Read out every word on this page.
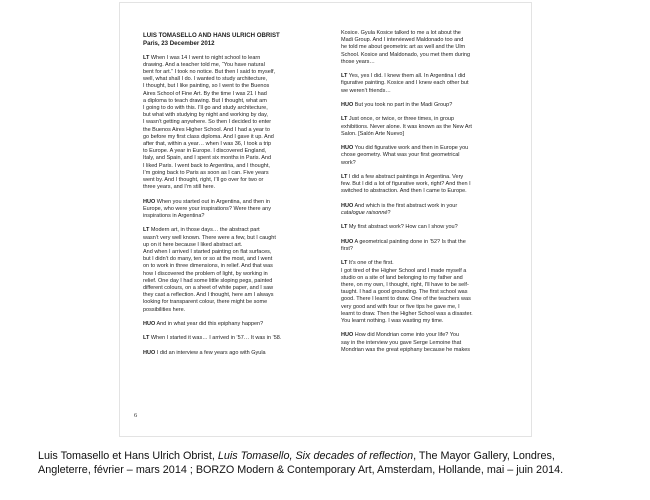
LUIS TOMASELLO AND HANS ULRICH OBRIST
Paris, 23 December 2012

LT When I was 14 I went to night school to learn
drawing. And a teacher told me, “You have natural
bent for art.” I took no notice. But then I said to myself,
well, what shall I do. I wanted to study architecture,
I thought, but I like painting, so I went to the Buenos
Aires School of Fine Art. By the time I was 21 I had
a diploma to teach drawing. But I thought, what am
I going to do with this. I’ll go and study architecture,
but what with studying by night and working by day,
I wasn’t getting anywhere. So then I decided to enter
the Buenos Aires Higher School. And I had a year to
go before my first class diploma. And I gave it up. And
after that, within a year… when I was 36, I took a trip
to Europe. A year in Europe. I discovered England,
Italy, and Spain, and I spent six months in Paris. And
I liked Paris. I went back to Argentina, and I thought,
I’m going back to Paris as soon as I can. Five years
went by. And I thought, right, I’ll go over for two or
three years, and I’m still here.

HUO When you started out in Argentina, and then in
Europe, who were your inspirations? Were there any
inspirations in Argentina?

LT Modern art, in those days… the abstract part
wasn’t very well known. There were a few, but I caught
up on it here because I liked abstract art.
And when I arrived I started painting on flat surfaces,
but I didn’t do many, ten or so at the most, and I went
on to work in three dimensions, in relief. And that was
how I discovered the problem of light, by working in
relief. One day I had some little sloping pegs, painted
different colours, on a sheet of white paper, and I saw
they cast a reflection. And I thought, here am I always
looking for transparent colour, there might be some
possibilities here.

HUO And in what year did this epiphany happen?

LT When I started it was… I arrived in ’57… It was in ’58.

HUO I did an interview a few years ago with Gyula

Kosice. Gyula Kosice talked to me a lot about the
Madi Group. And I interviewed Maldonado too and
he told me about geometric art as well and the Ulm
School. Kosice and Maldonado, you met them during
those years…

LT Yes, yes I did. I knew them all. In Argentina I did
figurative painting. Kosice and I knew each other but
we weren’t friends…

HUO But you took no part in the Madi Group?

LT Just once, or twice, or three times, in group
exhibitions. Never alone. It was known as the New Art
Salon. [Salón Arte Nuevo]

HUO You did figurative work and then in Europe you
chose geometry. What was your first geometrical
work?

LT I did a few abstract paintings in Argentina. Very
few. But I did a lot of figurative work, right? And then I
switched to abstraction. And then I came to Europe.

HUO And which is the first abstract work in your
catalogue raisonné?

LT My first abstract work? How can I show you?

HUO A geometrical painting done in ’52? Is that the
first?

LT It’s one of the first.
I got tired of the Higher School and I made myself a
studio on a site of land belonging to my father and
there, on my own, I thought, right, I’ll have to be self-
taught. I had a good grounding. The first school was
good. There I learnt to draw. One of the teachers was
very good and with four or five tips he gave me, I
learnt to draw. Then the Higher School was a disaster.
You learnt nothing. I was wasting my time.

HUO How did Mondrian come into your life? You
say in the interview you gave Serge Lemoine that
Mondrian was the great epiphany because he makes

6
Luis Tomasello et Hans Ulrich Obrist, Luis Tomasello, Six decades of reflection, The Mayor Gallery, Londres,
Angleterre, février – mars 2014 ; BORZO Modern & Contemporary Art, Amsterdam, Hollande, mai – juin 2014.
